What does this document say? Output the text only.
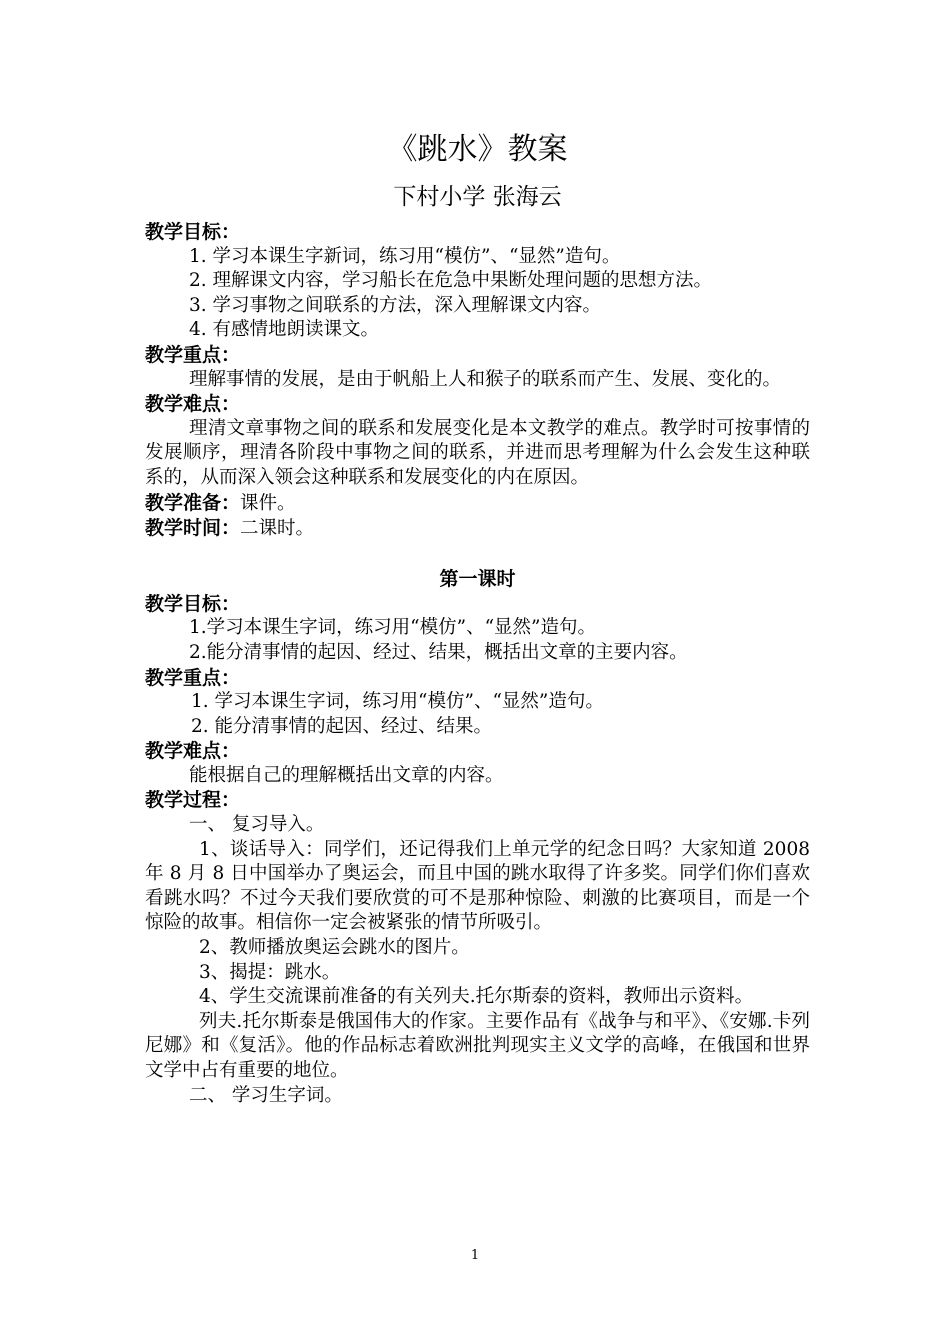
《跳水》教案
下村小学 张海云
教学目标：
1. 学习本课生字新词，练习用“模仿”、“显然”造句。
2. 理解课文内容，学习船长在危急中果断处理问题的思想方法。
3. 学习事物之间联系的方法，深入理解课文内容。
4. 有感情地朗读课文。
教学重点：
理解事情的发展，是由于帆船上人和猴子的联系而产生、发展、变化的。
教学难点：
理清文章事物之间的联系和发展变化是本文教学的难点。教学时可按事情的发展顺序，理清各阶段中事物之间的联系，并进而思考理解为什么会发生这种联系的，从而深入领会这种联系和发展变化的内在原因。
教学准备：课件。
教学时间：二课时。
第一课时
教学目标：
1.学习本课生字词，练习用“模仿”、“显然”造句。
2.能分清事情的起因、经过、结果，概括出文章的主要内容。
教学重点：
1. 学习本课生字词，练习用“模仿”、“显然”造句。
2. 能分清事情的起因、经过、结果。
教学难点：
能根据自己的理解概括出文章的内容。
教学过程：
一、 复习导入。
1、谈话导入：同学们，还记得我们上单元学的纪念日吗？大家知道 2008 年 8 月 8 日中国举办了奥运会，而且中国的跳水取得了许多奖。同学们你们喜欢看跳水吗？不过今天我们要欣赏的可不是那种惊险、刺激的比赛项目，而是一个惊险的故事。相信你一定会被紧张的情节所吸引。
2、教师播放奥运会跳水的图片。
3、揭提：跳水。
4、学生交流课前准备的有关列夫.托尔斯泰的资料，教师出示资料。
列夫.托尔斯泰是俄国伟大的作家。主要作品有《战争与和平》、《安娜.卡列尼娜》和《复活》。他的作品标志着欧洲批判现实主义文学的高峰，在俄国和世界文学中占有重要的地位。
二、 学习生字词。
1
